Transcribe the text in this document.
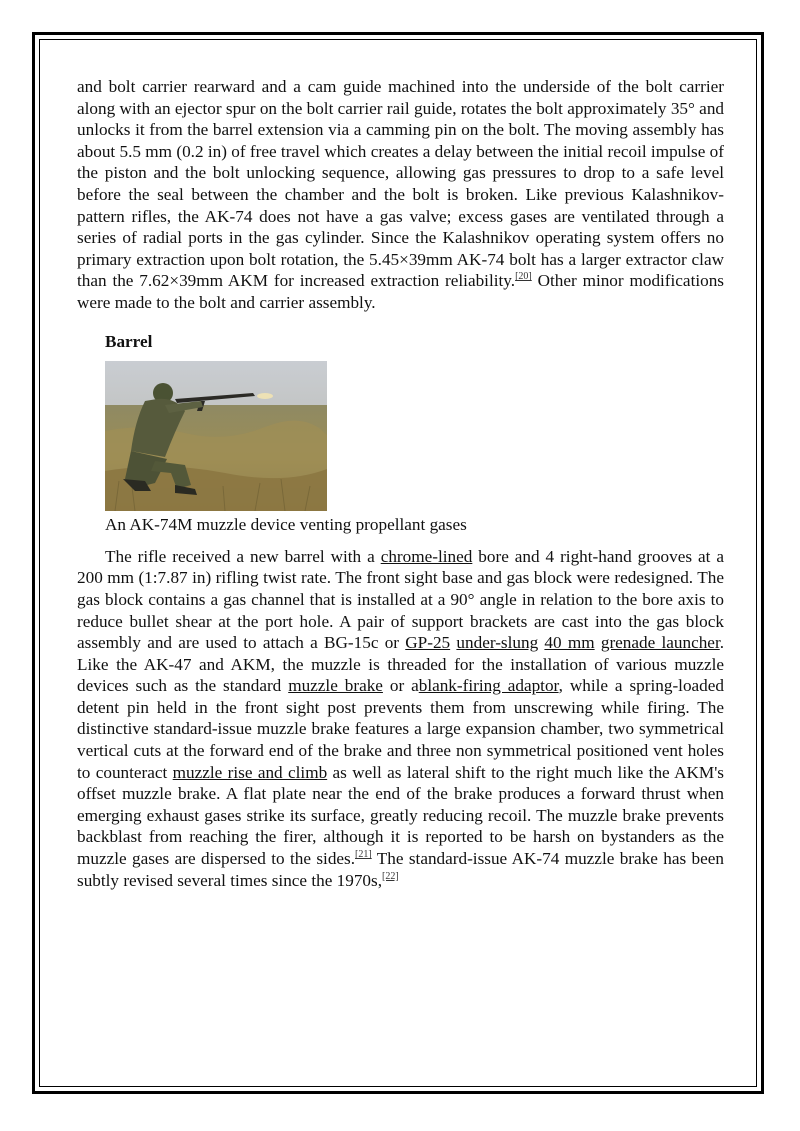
and bolt carrier rearward and a cam guide machined into the underside of the bolt carrier along with an ejector spur on the bolt carrier rail guide, rotates the bolt approximately 35° and unlocks it from the barrel extension via a camming pin on the bolt. The moving assembly has about 5.5 mm (0.2 in) of free travel which creates a delay between the initial recoil impulse of the piston and the bolt unlocking sequence, allowing gas pressures to drop to a safe level before the seal between the chamber and the bolt is broken. Like previous Kalashnikov-pattern rifles, the AK-74 does not have a gas valve; excess gases are ventilated through a series of radial ports in the gas cylinder. Since the Kalashnikov operating system offers no primary extraction upon bolt rotation, the 5.45×39mm AK-74 bolt has a larger extractor claw than the 7.62×39mm AKM for increased extraction reliability.[20] Other minor modifications were made to the bolt and carrier assembly.

Barrel

An AK-74M muzzle device venting propellant gases

The rifle received a new barrel with a chrome-lined bore and 4 right-hand grooves at a 200 mm (1:7.87 in) rifling twist rate. The front sight base and gas block were redesigned. The gas block contains a gas channel that is installed at a 90° angle in relation to the bore axis to reduce bullet shear at the port hole. A pair of support brackets are cast into the gas block assembly and are used to attach a BG-15c or GP-25 under-slung 40 mm grenade launcher. Like the AK-47 and AKM, the muzzle is threaded for the installation of various muzzle devices such as the standard muzzle brake or ablank-firing adaptor, while a spring-loaded detent pin held in the front sight post prevents them from unscrewing while firing. The distinctive standard-issue muzzle brake features a large expansion chamber, two symmetrical vertical cuts at the forward end of the brake and three non symmetrical positioned vent holes to counteract muzzle rise and climb as well as lateral shift to the right much like the AKM's offset muzzle brake. A flat plate near the end of the brake produces a forward thrust when emerging exhaust gases strike its surface, greatly reducing recoil. The muzzle brake prevents backblast from reaching the firer, although it is reported to be harsh on bystanders as the muzzle gases are dispersed to the sides.[21] The standard-issue AK-74 muzzle brake has been subtly revised several times since the 1970s,[22]
